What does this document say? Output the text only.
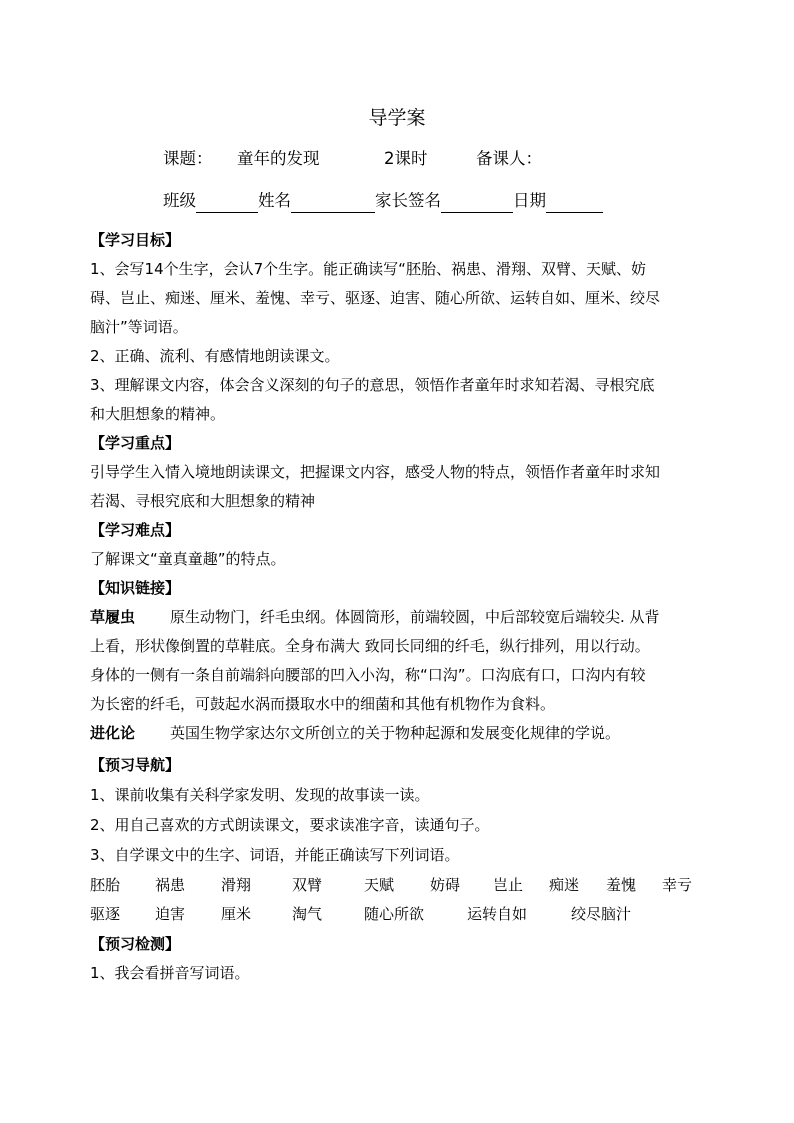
导学案
课题： 童年的发现	2课时	备课人：
班级	姓名	家长签名	日期
【学习目标】
1、会写14个生字，会认7个生字。能正确读写“胚胎、祸患、滑翔、双臂、天赋、妨
碍、岂止、痴迷、厘米、羞愧、幸亏、驱逐、迫害、随心所欲、运转自如、厘米、绞尽
脑汁”等词语。
2、正确、流利、有感情地朗读课文。
3、理解课文内容，体会含义深刻的句子的意思，领悟作者童年时求知若渴、寻根究底
和大胆想象的精神。
【学习重点】
引导学生入情入境地朗读课文，把握课文内容，感受人物的特点，领悟作者童年时求知
若渴、寻根究底和大胆想象的精神
【学习难点】
了解课文“童真童趣”的特点。
【知识链接】
草履虫 原生动物门，纤毛虫纲。体圆筒形，前端较圆，中后部较宽后端较尖. 从背
上看，形状像倒置的草鞋底。全身布满大 致同长同细的纤毛，纵行排列，用以行动。
身体的一侧有一条自前端斜向腰部的凹入小沟，称“口沟”。口沟底有口，口沟内有较
为长密的纤毛，可鼓起水涡而摄取水中的细菌和其他有机物作为食料。
进化论 英国生物学家达尔文所创立的关于物种起源和发展变化规律的学说。
【预习导航】
1、课前收集有关科学家发明、发现的故事读一读。
2、用自己喜欢的方式朗读课文，要求读准字音，读通句子。
3、自学课文中的生字、词语，并能正确读写下列词语。
胚胎 祸患 滑翔	双臂	天赋 妨碍 岂止 痴迷 羞愧 幸亏
驱逐 迫害 厘米	淘气	随心所欲	运转自如	绞尽脑汁
【预习检测】
1、我会看拼音写词语。
